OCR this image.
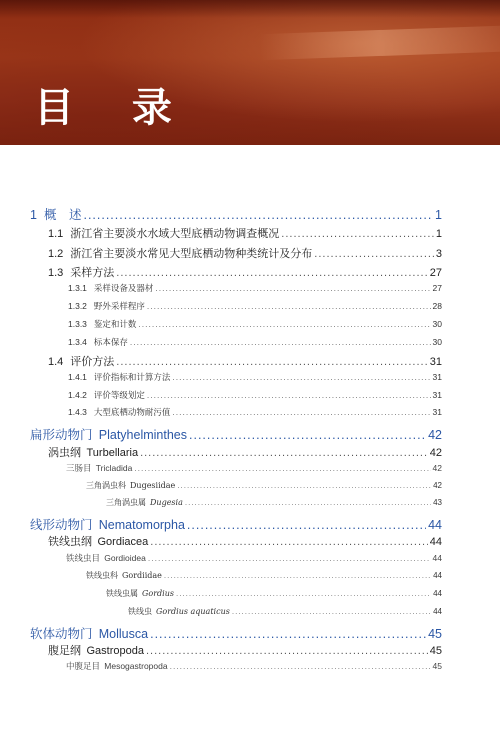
目 录
1 概　述 .....	1
1.1 浙江省主要淡水水域大型底栖动物调查概况 .....	1
1.2 浙江省主要淡水常见大型底栖动物种类统计及分布 .....	3
1.3 采样方法 .....	27
1.3.1 采样设备及器材 .....	27
1.3.2 野外采样程序 .....	28
1.3.3 鉴定和计数 .....	30
1.3.4 标本保存 .....	30
1.4 评价方法 .....	31
1.4.1 评价指标和计算方法 .....	31
1.4.2 评价等级划定 .....	31
1.4.3 大型底栖动物耐污值 .....	31
扁形动物门  Platyhelminthes .....	42
涡虫纲  Turbellaria .....	42
三肠目  Tricladida .....	42
三角涡虫科  Dugesiidae .....	42
三角涡虫属  Dugesia .....	43
线形动物门  Nematomorpha .....	44
铁线虫纲  Gordiacea .....	44
铁线虫目  Gordioidea .....	44
铁线虫科  Gordiidae .....	44
铁线虫属  Gordius .....	44
铁线虫  Gordius aquaticus .....	44
软体动物门  Mollusca .....	45
腹足纲  Gastropoda .....	45
中腹足目  Mesogastropoda .....	45
